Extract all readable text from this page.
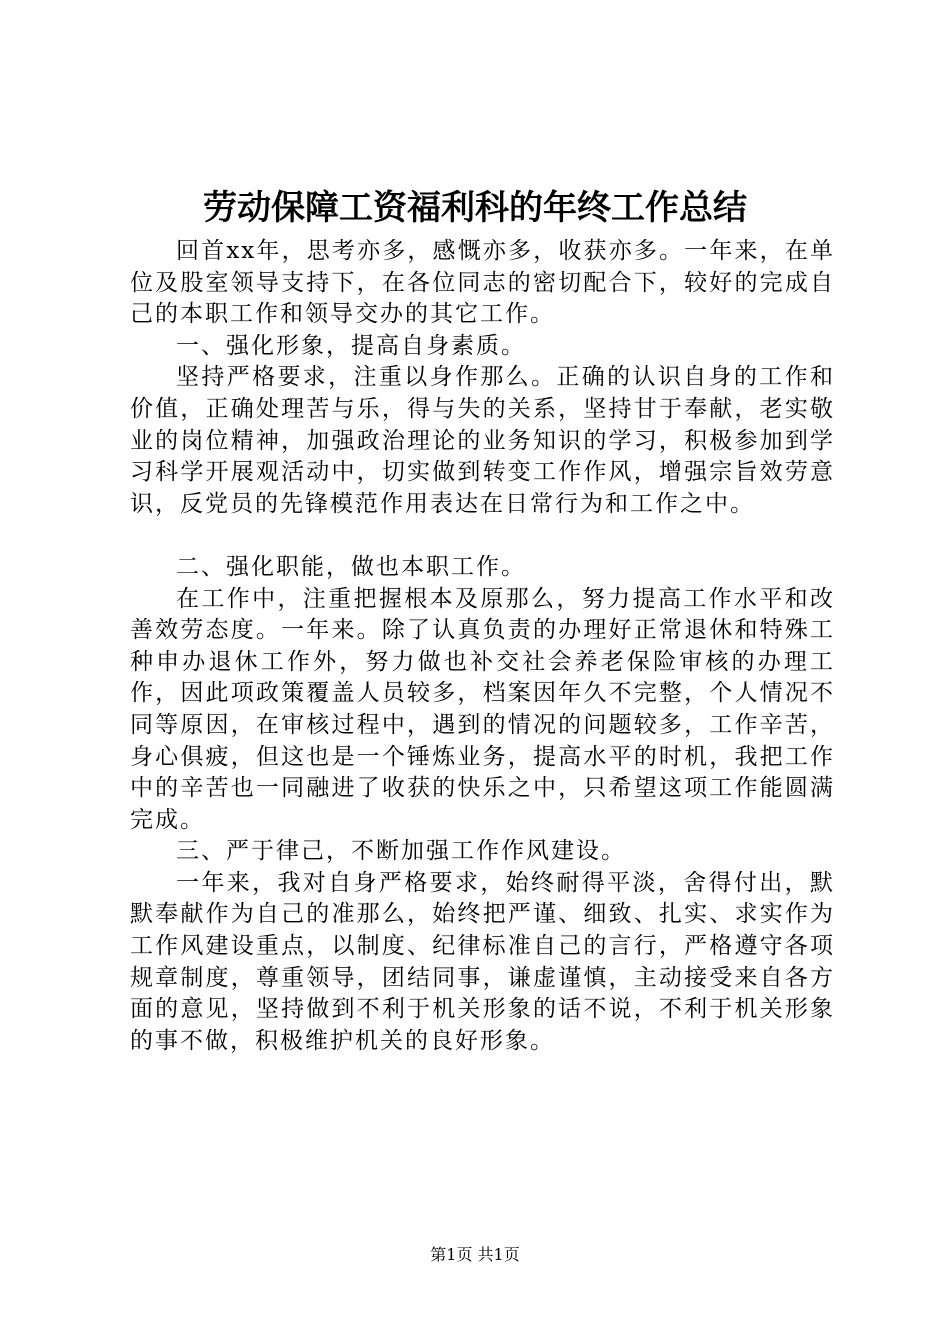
劳动保障工资福利科的年终工作总结

回首xx年，思考亦多，感慨亦多，收获亦多。一年来，在单位及股室领导支持下，在各位同志的密切配合下，较好的完成自己的本职工作和领导交办的其它工作。

一、强化形象，提高自身素质。

坚持严格要求，注重以身作那么。正确的认识自身的工作和价值，正确处理苦与乐，得与失的关系，坚持甘于奉献，老实敬业的岗位精神，加强政治理论的业务知识的学习，积极参加到学习科学开展观活动中，切实做到转变工作作风，增强宗旨效劳意识，反党员的先锋模范作用表达在日常行为和工作之中。

二、强化职能，做也本职工作。

在工作中，注重把握根本及原那么，努力提高工作水平和改善效劳态度。一年来。除了认真负责的办理好正常退休和特殊工种申办退休工作外，努力做也补交社会养老保险审核的办理工作，因此项政策覆盖人员较多，档案因年久不完整，个人情况不同等原因，在审核过程中，遇到的情况的问题较多，工作辛苦，身心俱疲，但这也是一个锤炼业务，提高水平的时机，我把工作中的辛苦也一同融进了收获的快乐之中，只希望这项工作能圆满完成。

三、严于律己，不断加强工作作风建设。

一年来，我对自身严格要求，始终耐得平淡，舍得付出，默默奉献作为自己的准那么，始终把严谨、细致、扎实、求实作为工作风建设重点，以制度、纪律标准自己的言行，严格遵守各项规章制度，尊重领导，团结同事，谦虚谨慎，主动接受来自各方面的意见，坚持做到不利于机关形象的话不说，不利于机关形象的事不做，积极维护机关的良好形象。

第1页 共1页
